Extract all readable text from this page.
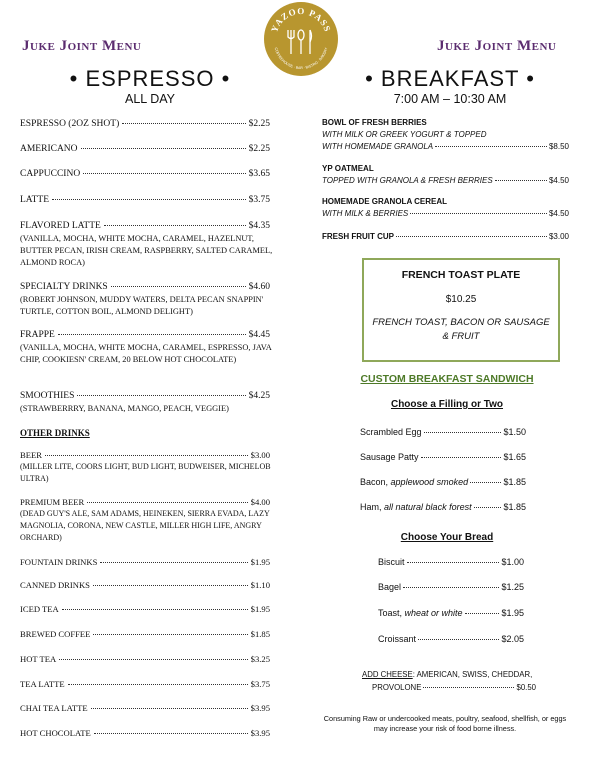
Juke Joint Menu	Juke Joint Menu
YAZOO PASS
COFFEEHOUSE · BAR · BISTRO · BAKERY
• ESPRESSO •
ALL DAY
ESPRESSO (2OZ SHOT)	$2.25
AMERICANO	$2.25
CAPPUCCINO	$3.65
LATTE	$3.75
FLAVORED LATTE	$4.35
(VANILLA, MOCHA, WHITE MOCHA, CARAMEL, HAZELNUT, BUTTER PECAN, IRISH CREAM, RASPBERRY, SALTED CARAMEL, ALMOND ROCA)
SPECIALTY DRINKS	$4.60
(ROBERT JOHNSON, MUDDY WATERS, DELTA PECAN SNAPPIN' TURTLE, COTTON BOIL, ALMOND DELIGHT)
FRAPPE	$4.45
(VANILLA, MOCHA, WHITE MOCHA, CARAMEL, ESPRESSO, JAVA CHIP, COOKIESN' CREAM, 20 BELOW HOT CHOCOLATE)
SMOOTHIES	$4.25
(STRAWBERRRY, BANANA, MANGO, PEACH, VEGGIE)
OTHER DRINKS
BEER	$3.00
(MILLER LITE, COORS LIGHT, BUD LIGHT, BUDWEISER, MICHELOB ULTRA)
PREMIUM BEER	$4.00
(DEAD GUY'S ALE, SAM ADAMS, HEINEKEN, SIERRA EVADA, LAZY MAGNOLIA, CORONA, NEW CASTLE, MILLER HIGH LIFE, ANGRY ORCHARD)
FOUNTAIN DRINKS	$1.95
CANNED DRINKS	$1.10
ICED TEA	$1.95
BREWED COFFEE	$1.85
HOT TEA	$3.25
TEA LATTE	$3.75
CHAI TEA LATTE	$3.95
HOT CHOCOLATE	$3.95
• BREAKFAST •
7:00 AM – 10:30 AM
BOWL OF FRESH BERRIES
WITH MILK OR GREEK YOGURT & TOPPED
WITH HOMEMADE GRANOLA	$8.50
YP OATMEAL
TOPPED WITH GRANOLA & FRESH BERRIES	$4.50
HOMEMADE GRANOLA CEREAL
WITH MILK & BERRIES	$4.50
FRESH FRUIT CUP	$3.00
FRENCH TOAST PLATE
$10.25
FRENCH TOAST, BACON OR SAUSAGE
& FRUIT
CUSTOM BREAKFAST SANDWICH
Choose a Filling or Two
Scrambled Egg	$1.50
Sausage Patty	$1.65
Bacon,
applewood smoked	$1.85
Ham,
all natural black forest	$1.85
Choose Your Bread
Biscuit	$1.00
Bagel	$1.25
Toast,
wheat or white	$1.95
Croissant	$2.05
ADD CHEESE: AMERICAN, SWISS, CHEDDAR,
PROVOLONE	$0.50
Consuming Raw or undercooked meats, poultry, seafood, shellfish, or eggs
may increase your risk of food borne illness.
